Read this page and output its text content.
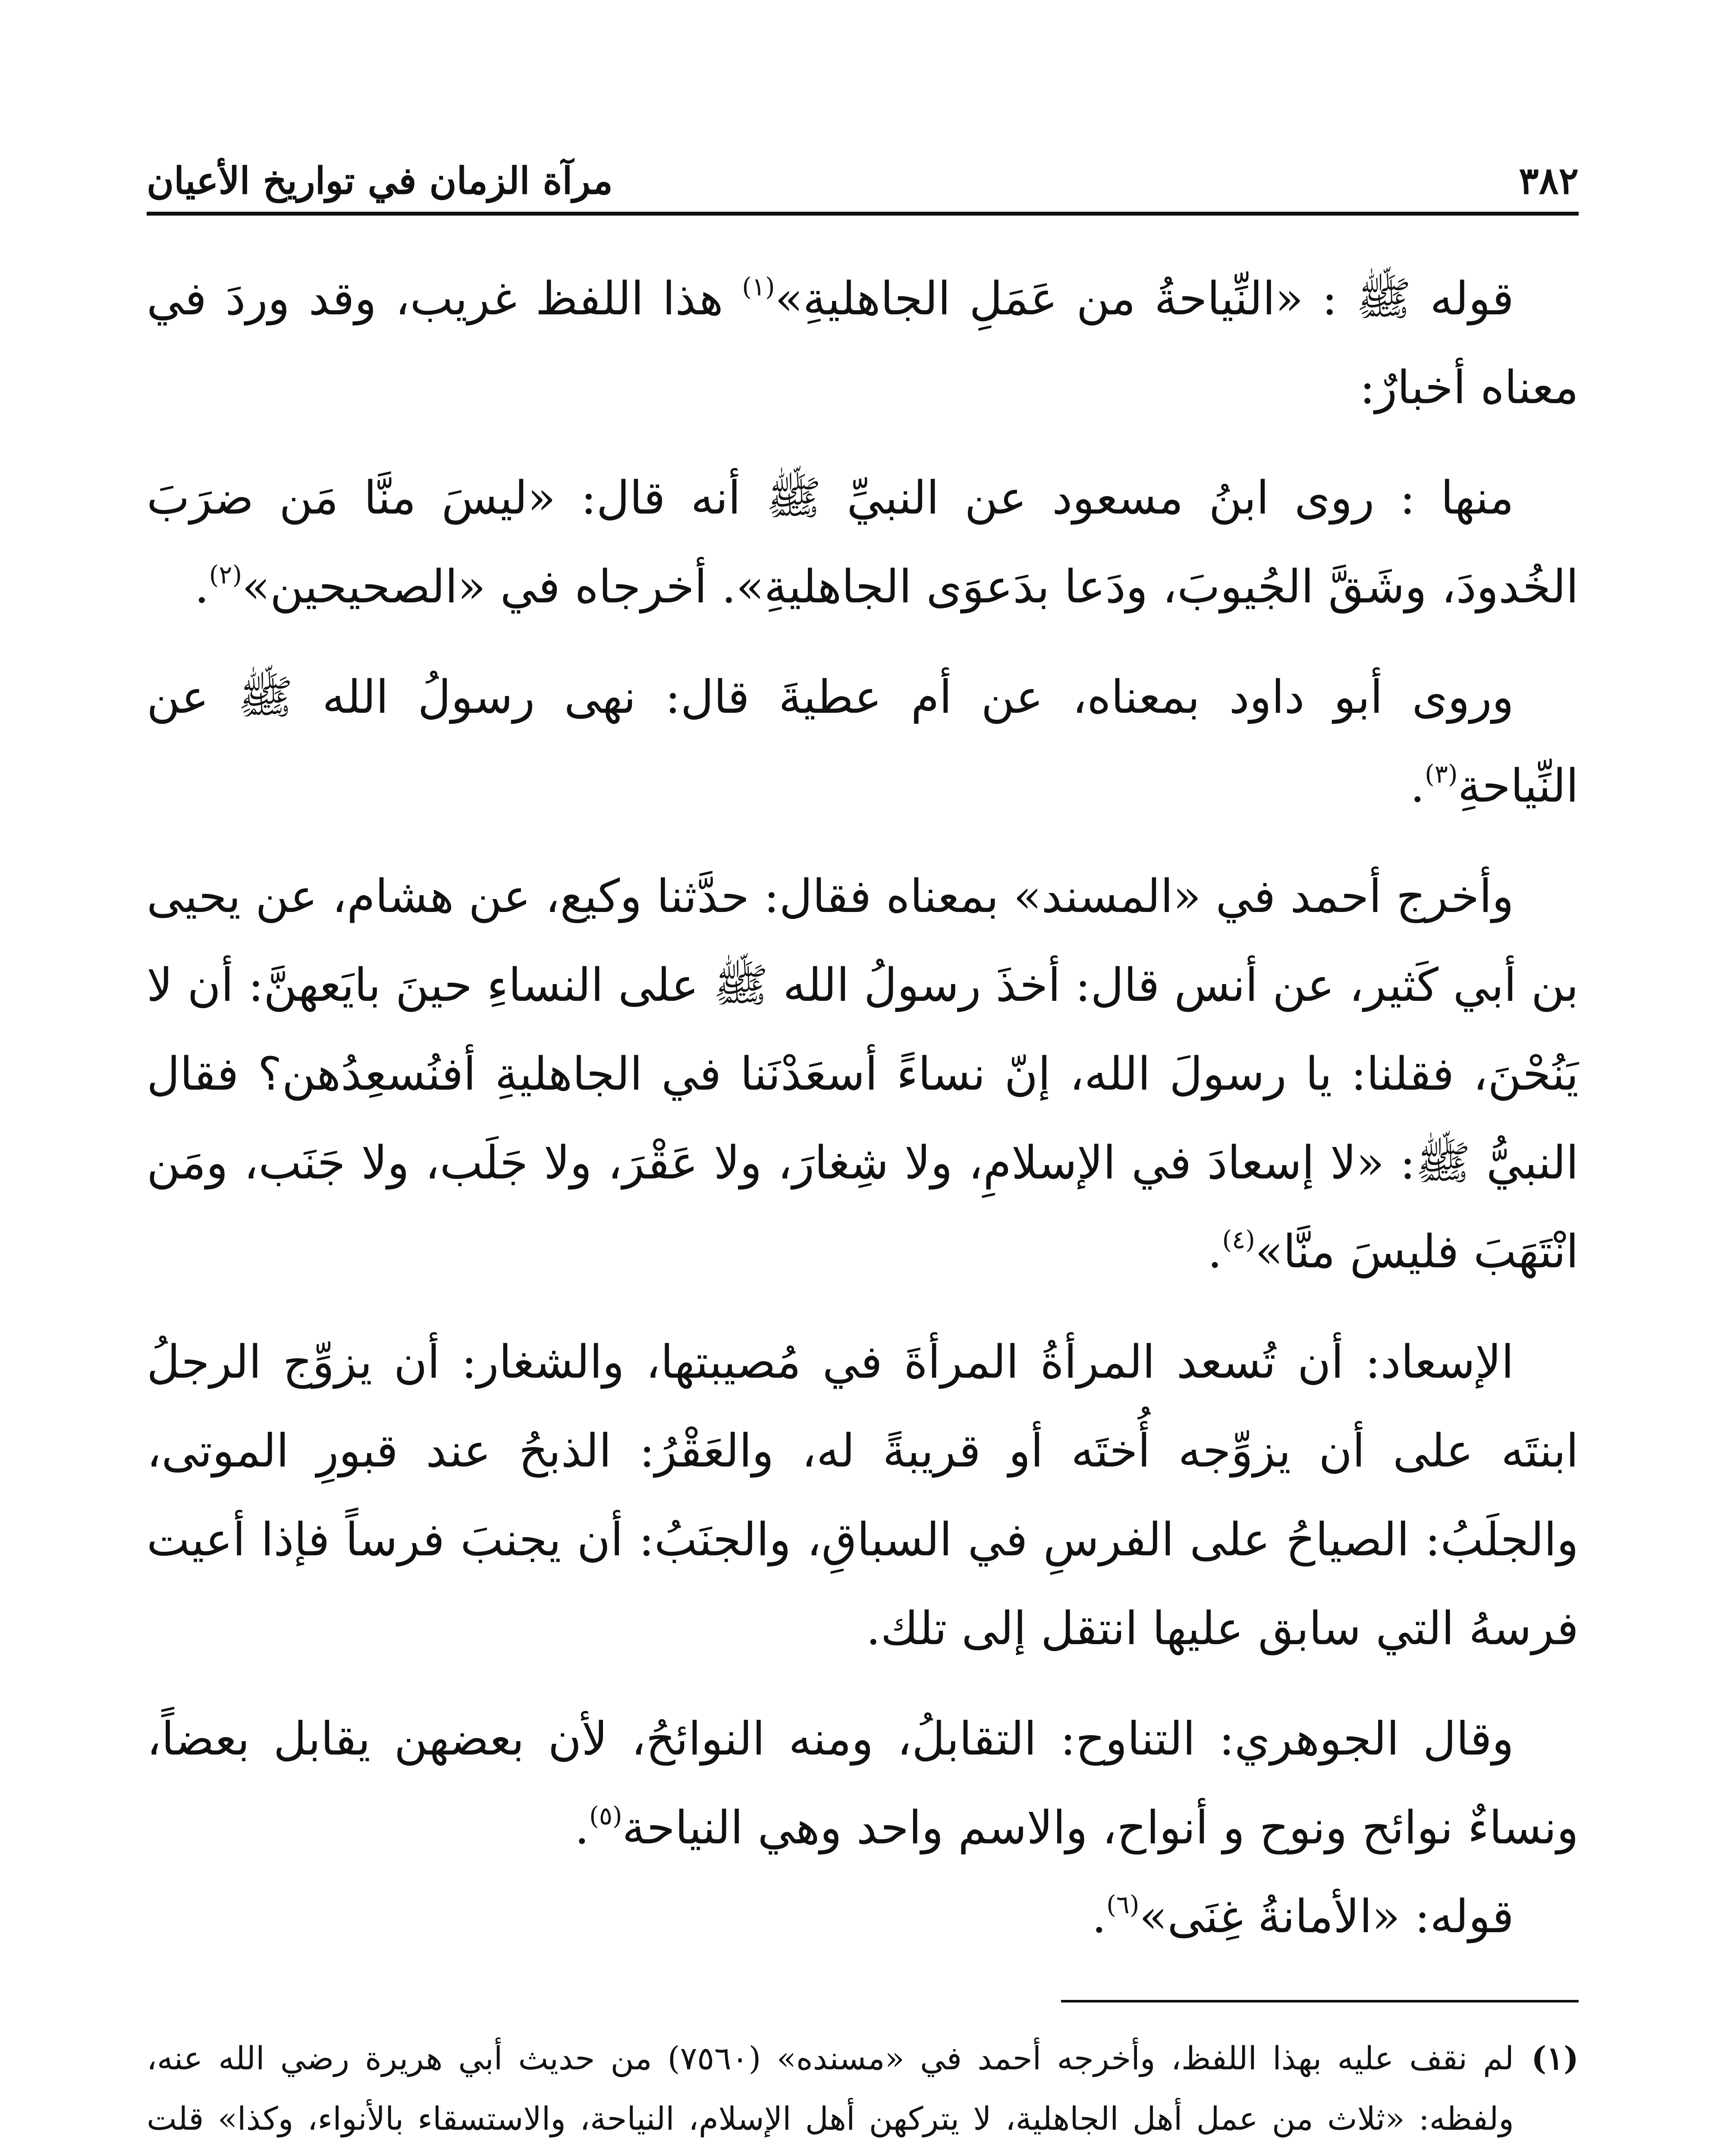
٣٨٢
مرآة الزمان في تواريخ الأعيان

قوله ﷺ : «النِّياحةُ من عَمَلِ الجاهليةِ»$^{(١)}$ هذا اللفظ غريب، وقد وردَ في معناه أخبارٌ:

منها : روى ابنُ مسعود عن النبيِّ ﷺ أنه قال: «ليسَ منَّا مَن ضرَبَ الخُدودَ، وشَقَّ الجُيوبَ، ودَعا بدَعوَى الجاهليةِ». أخرجاه في «الصحيحين»$^{(٢)}$.

وروى أبو داود بمعناه، عن أم عطيةَ قال: نهى رسولُ الله ﷺ عن النِّياحةِ$^{(٣)}$.

وأخرج أحمد في «المسند» بمعناه فقال: حدَّثنا وكيع، عن هشام، عن يحيى بن أبي كَثير، عن أنس قال: أخذَ رسولُ الله ﷺ على النساءِ حينَ بايَعهنَّ: أن لا يَنُحْنَ، فقلنا: يا رسولَ الله، إنّ نساءً أسعَدْنَنا في الجاهليةِ أفنُسعِدُهن؟ فقال النبيُّ ﷺ: «لا إسعادَ في الإسلامِ، ولا شِغارَ، ولا عَقْرَ، ولا جَلَب، ولا جَنَب، ومَن انْتَهَبَ فليسَ منَّا»$^{(٤)}$.

الإسعاد: أن تُسعد المرأةُ المرأةَ في مُصيبتها، والشغار: أن يزوِّج الرجلُ ابنتَه على أن يزوِّجه أُختَه أو قريبةً له، والعَقْرُ: الذبحُ عند قبورِ الموتى، والجلَبُ: الصياحُ على الفرسِ في السباقِ، والجنَبُ: أن يجنبَ فرساً فإذا أعيت فرسهُ التي سابق عليها انتقل إلى تلك.

وقال الجوهري: التناوح: التقابلُ، ومنه النوائحُ، لأن بعضهن يقابل بعضاً، ونساءٌ نوائح ونوح و أنواح، والاسم واحد وهي النياحة$^{(٥)}$.

قوله: «الأمانةُ غِنَى»$^{(٦)}$.

(١)
لم نقف عليه بهذا اللفظ، وأخرجه أحمد في «مسنده» (٧٥٦٠) من حديث أبي هريرة رضي الله عنه، ولفظه: «ثلاث من عمل أهل الجاهلية، لا يتركهن أهل الإسلام، النياحة، والاستسقاء بالأنواء، وكذا» قلت
